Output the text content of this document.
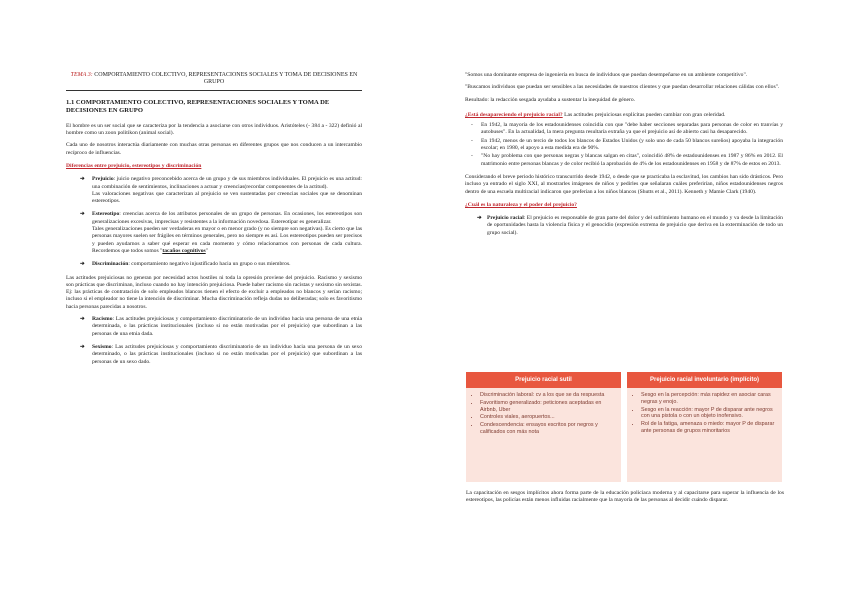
TEMA 3: COMPORTAMIENTO COLECTIVO, REPRESENTACIONES SOCIALES Y TOMA DE DECISIONES EN GRUPO
1.1 COMPORTAMIENTO COLECTIVO, REPRESENTACIONES SOCIALES Y TOMA DE DECISIONES EN GRUPO

El hombre es un ser social que se caracteriza por la tendencia a asociarse con otros individuos. Aristóteles (- 384 a - 322) definió al hombre como un zoon politikon (animal social).

Cada uno de nosotros interactúa diariamente con muchas otras personas en diferentes grupos que nos conducen a un intercambio recíproco de influencias.

Diferencias entre prejuicio, estereotipos y discriminación
➔ Prejuicio: juicio negativo preconcebido acerca de un grupo y de sus miembros individuales. El prejuicio es una actitud: una combinación de sentimientos, inclinaciones a actuar y creencias(recordar componentes de la actitud).
Las valoraciones negativas que caracterizan al prejuicio se ven sustentadas por creencias sociales que se denominan estereotipos.
➔ Estereotipo: creencias acerca de los atributos personales de un grupo de personas. En ocasiones, los estereotipos son generalizaciones excesivas, imprecisas y resistentes a la información novedosa. Estereotipar es generalizar.
Tales generalizaciones pueden ser verdaderas en mayor o en menor grado (y no siempre son negativas). Es cierto que las personas mayores suelen ser frágiles en términos generales, pero no siempre es así. Los estereotipos pueden ser precisos y pueden ayudarnos a saber qué esperar en cada momento y cómo relacionarnos con personas de cada cultura. Recordemos que todos somos "tacaños cognitivos"
➔ Discriminación: comportamiento negativo injustificado hacia un grupo o sus miembros.

Las actitudes prejuiciosas no generan por necesidad actos hostiles ni toda la opresión proviene del prejuicio. Racismo y sexismo son prácticas que discriminan, incluso cuando no hay intención prejuiciosa. Puede haber racismo sin racistas y sexismo sin sexistas. Ej: las prácticas de contratación de solo empleados blancos tienen el efecto de excluir a empleados no blancos y serían racismo; incluso si el empleador no tiene la intención de discriminar. Mucha discriminación refleja dudas no deliberadas; solo es favoritismo hacia personas parecidas a nosotros.

➔ Racismo: Las actitudes prejuiciosas y comportamiento discriminatorio de un individuo hacia una persona de una etnia determinada, o las prácticas institucionales (incluso si no están motivadas por el prejuicio) que subordinan a las personas de una etnia dada.
➔ Sexismo: Las actitudes prejuiciosas y comportamiento discriminatorio de un individuo hacia una persona de un sexo determinado, o las prácticas institucionales (incluso si no están motivadas por el prejuicio) que subordinan a las personas de un sexo dado.

"Somos una dominante empresa de ingeniería en busca de individuos que puedan desempeñarse en un ambiente competitivo".

"Buscamos individuos que puedan ser sensibles a las necesidades de nuestros clientes y que puedan desarrollar relaciones cálidas con ellos".

Resultado: la redacción sesgada ayudaba a sustentar la inequidad de género.

¿Está desapareciendo el prejuicio racial? Las actitudes prejuiciosas explícitas pueden cambiar con gran celeridad.

- En 1942, la mayoría de los estadounidenses coincidía con que "debe haber secciones separadas para personas de color en tranvías y autobuses". En la actualidad, la mera pregunta resultaría extraña ya que el prejuicio así de abierto casi ha desaparecido.
- En 1942, menos de un tercio de todos los blancos de Estados Unidos (y solo uno de cada 50 blancos sureños) apoyaba la integración escolar; en 1980, el apoyo a esta medida era de 90%.
- "No hay problema con que personas negras y blancas salgan en citas", coincidió 48% de estadounidenses en 1987 y 86% en 2012. El matrimonio entre personas blancas y de color recibió la aprobación de 4% de los estadounidenses en 1958 y de 87% de estos en 2013.

Considerando el breve periodo histórico transcurrido desde 1942, o desde que se practicaba la esclavitud, los cambios han sido drásticos. Pero incluso ya entrado el siglo XXI, al mostrarles imágenes de niños y pedirles que señalaran cuáles preferirían, niños estadounidenses negros dentro de una escuela multiracial indicaron que preferían a los niños blancos (Shutts et al., 2011). Kenneth y Mamie Clark (1940).

¿Cuál es la naturaleza y el poder del prejuicio?
➔ Prejuicio racial: El prejuicio es responsable de gran parte del dolor y del sufrimiento humano en el mundo y va desde la limitación de oportunidades hasta la violencia física y el genocidio (expresión extrema de prejuicio que deriva en la exterminación de todo un grupo social).
Prejuicio racial sutil
• Discriminación laboral: cv a los que se da respuesta
• Favoritismo generalizado: peticiones aceptadas en Airbnb, Uber
• Controles viales, aeropuertos...
• Condescendencia: ensayos escritos por negros y calificados con más nota
Prejuicio racial involuntario (implícito)
• Sesgo en la percepción: más rapidez en asociar caras negras y enojo.
• Sesgo en la reacción: mayor P de disparar ante negros con una pistola o con un objeto inofensivo.
• Rol de la fatiga, amenaza o miedo: mayor P de disparar ante personas de grupos minoritarios

La capacitación en sesgos implícitos ahora forma parte de la educación policiaca moderna y al capacitarse para superar la influencia de los estereotipos, las policías están menos influidas racialmente que la mayoría de las personas al decidir cuándo disparar.
